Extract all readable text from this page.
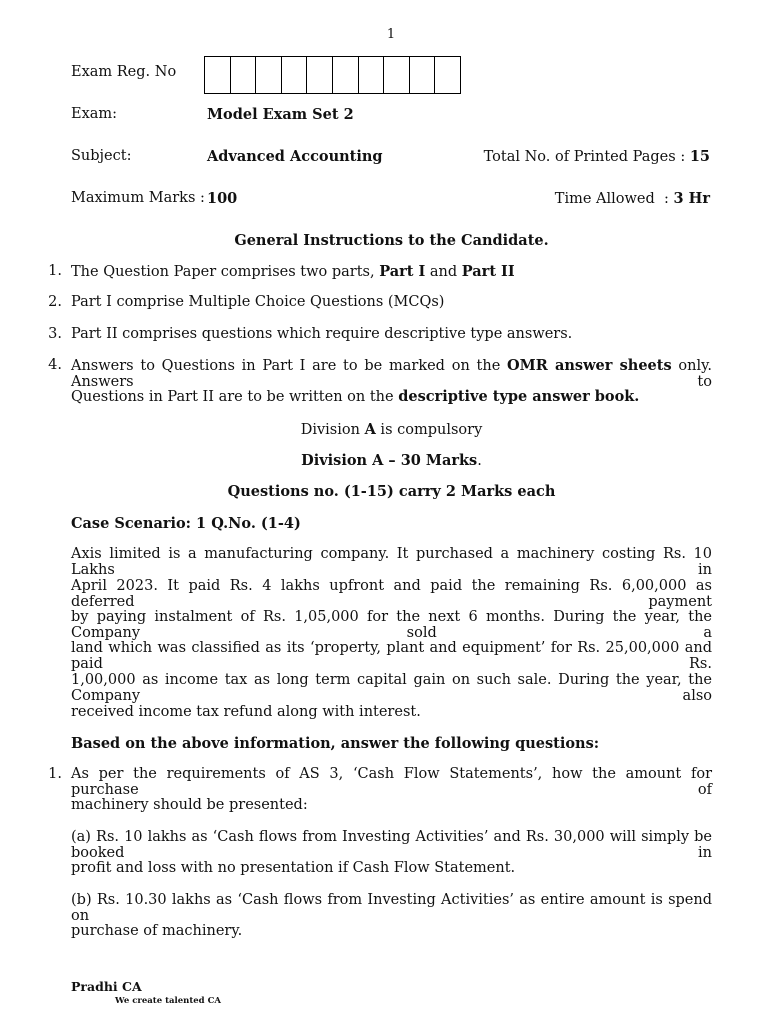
1
Exam Reg. No
Exam:	Model Exam Set 2
Subject:	Advanced Accounting	Total No. of Printed Pages : 15
Maximum Marks : 100	Time Allowed  : 3 Hr
General Instructions to the Candidate.
1. The Question Paper comprises two parts, Part I and Part II
2. Part I comprise Multiple Choice Questions (MCQs)
3. Part II comprises questions which require descriptive type answers.
4. Answers to Questions in Part I are to be marked on the OMR answer sheets only. Answers to
Questions in Part II are to be written on the descriptive type answer book.
Division A is compulsory
Division A – 30 Marks.
Questions no. (1-15) carry 2 Marks each
Case Scenario: 1 Q.No. (1-4)
Axis limited is a manufacturing company. It purchased a machinery costing Rs. 10 Lakhs in
April 2023. It paid Rs. 4 lakhs upfront and paid the remaining Rs. 6,00,000 as deferred payment
by paying instalment of Rs. 1,05,000 for the next 6 months. During the year, the Company sold a
land which was classified as its ‘property, plant and equipment’ for Rs. 25,00,000 and paid Rs.
1,00,000 as income tax as long term capital gain on such sale. During the year, the Company also
received income tax refund along with interest.
Based on the above information, answer the following questions:
1. As per the requirements of AS 3, ‘Cash Flow Statements’, how the amount for purchase of
machinery should be presented:
(a) Rs. 10 lakhs as ‘Cash flows from Investing Activities’ and Rs. 30,000 will simply be booked in
profit and loss with no presentation if Cash Flow Statement.
(b) Rs. 10.30 lakhs as ‘Cash flows from Investing Activities’ as entire amount is spend on
purchase of machinery.
Pradhi CA
We create talented CA
